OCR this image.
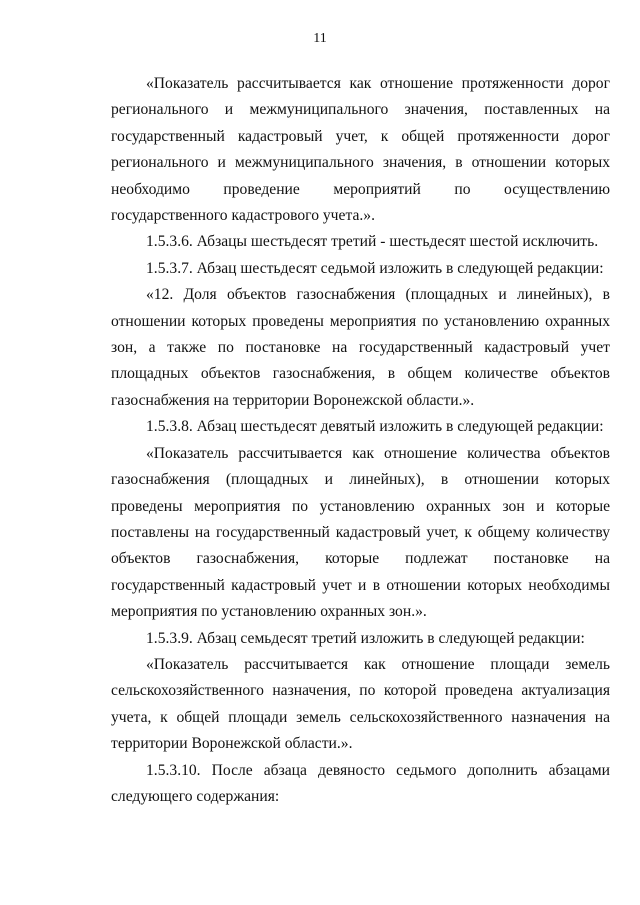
11

«Показатель рассчитывается как отношение протяженности дорог регионального и межмуниципального значения, поставленных на государственный кадастровый учет, к общей протяженности дорог регионального и межмуниципального значения, в отношении которых необходимо проведение мероприятий по осуществлению государственного кадастрового учета.».

1.5.3.6. Абзацы шестьдесят третий - шестьдесят шестой исключить.

1.5.3.7. Абзац шестьдесят седьмой изложить в следующей редакции:

«12. Доля объектов газоснабжения (площадных и линейных), в отношении которых проведены мероприятия по установлению охранных зон, а также по постановке на государственный кадастровый учет площадных объектов газоснабжения, в общем количестве объектов газоснабжения на территории Воронежской области.».

1.5.3.8. Абзац шестьдесят девятый изложить в следующей редакции:

«Показатель рассчитывается как отношение количества объектов газоснабжения (площадных и линейных), в отношении которых проведены мероприятия по установлению охранных зон и которые поставлены на государственный кадастровый учет, к общему количеству объектов газоснабжения, которые подлежат постановке на государственный кадастровый учет и в отношении которых необходимы мероприятия по установлению охранных зон.».

1.5.3.9. Абзац семьдесят третий изложить в следующей редакции:

«Показатель рассчитывается как отношение площади земель сельскохозяйственного назначения, по которой проведена актуализация учета, к общей площади земель сельскохозяйственного назначения на территории Воронежской области.».

1.5.3.10. После абзаца девяносто седьмого дополнить абзацами следующего содержания:
